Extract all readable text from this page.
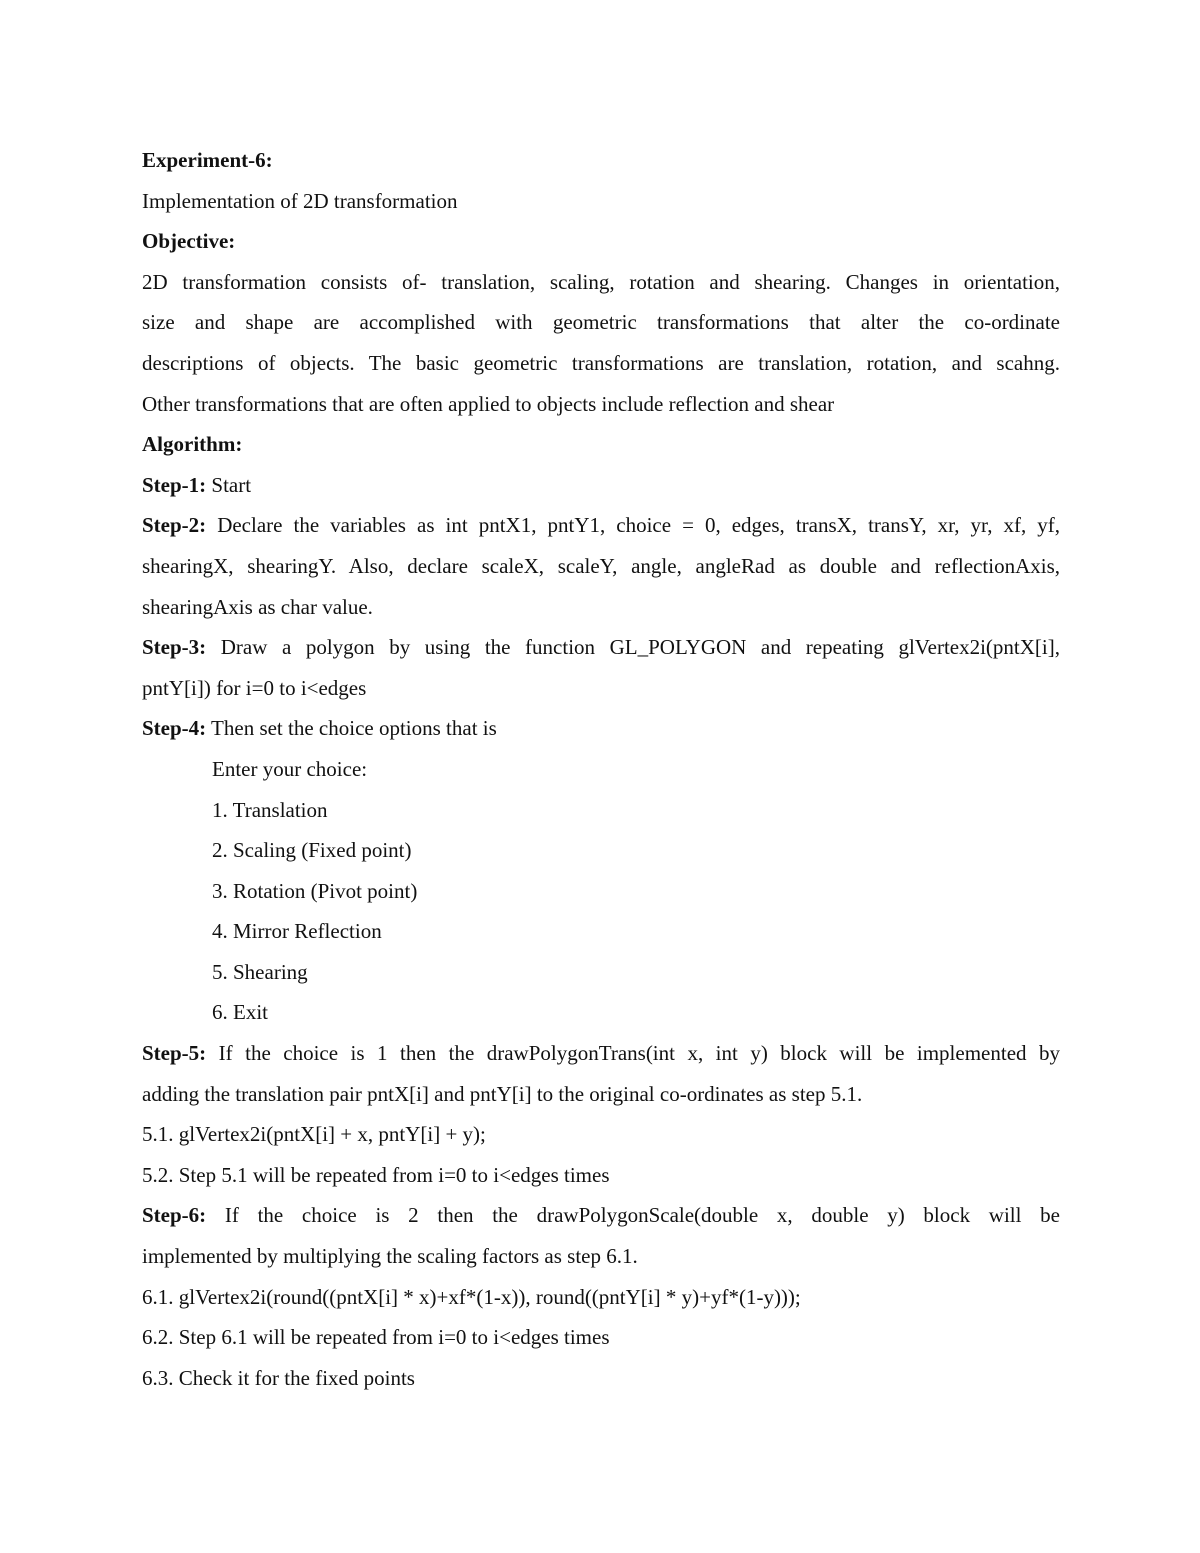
Experiment-6:
Implementation of 2D transformation
Objective:
2D transformation consists of- translation, scaling, rotation and shearing. Changes in orientation,
size and shape are accomplished with geometric transformations that alter the co-ordinate
descriptions of objects. The basic geometric transformations are translation, rotation, and scahng.
Other transformations that are often applied to objects include reflection and shear
Algorithm:
Step-1: Start
Step-2: Declare the variables as int pntX1, pntY1, choice = 0, edges, transX, transY, xr, yr, xf, yf,
shearingX, shearingY. Also, declare scaleX, scaleY, angle, angleRad as double and reflectionAxis,
shearingAxis as char value.
Step-3: Draw a polygon by using the function GL_POLYGON and repeating glVertex2i(pntX[i],
pntY[i]) for i=0 to i<edges
Step-4: Then set the choice options that is
Enter your choice:
1. Translation
2. Scaling (Fixed point)
3. Rotation (Pivot point)
4. Mirror Reflection
5. Shearing
6. Exit
Step-5: If the choice is 1 then the drawPolygonTrans(int x, int y) block will be implemented by
adding the translation pair pntX[i] and pntY[i] to the original co-ordinates as step 5.1.
5.1. glVertex2i(pntX[i] + x, pntY[i] + y);
5.2. Step 5.1 will be repeated from i=0 to i<edges times
Step-6: If the choice is 2 then the drawPolygonScale(double x, double y) block will be
implemented by multiplying the scaling factors as step 6.1.
6.1. glVertex2i(round((pntX[i] * x)+xf*(1-x)), round((pntY[i] * y)+yf*(1-y)));
6.2. Step 6.1 will be repeated from i=0 to i<edges times
6.3. Check it for the fixed points
